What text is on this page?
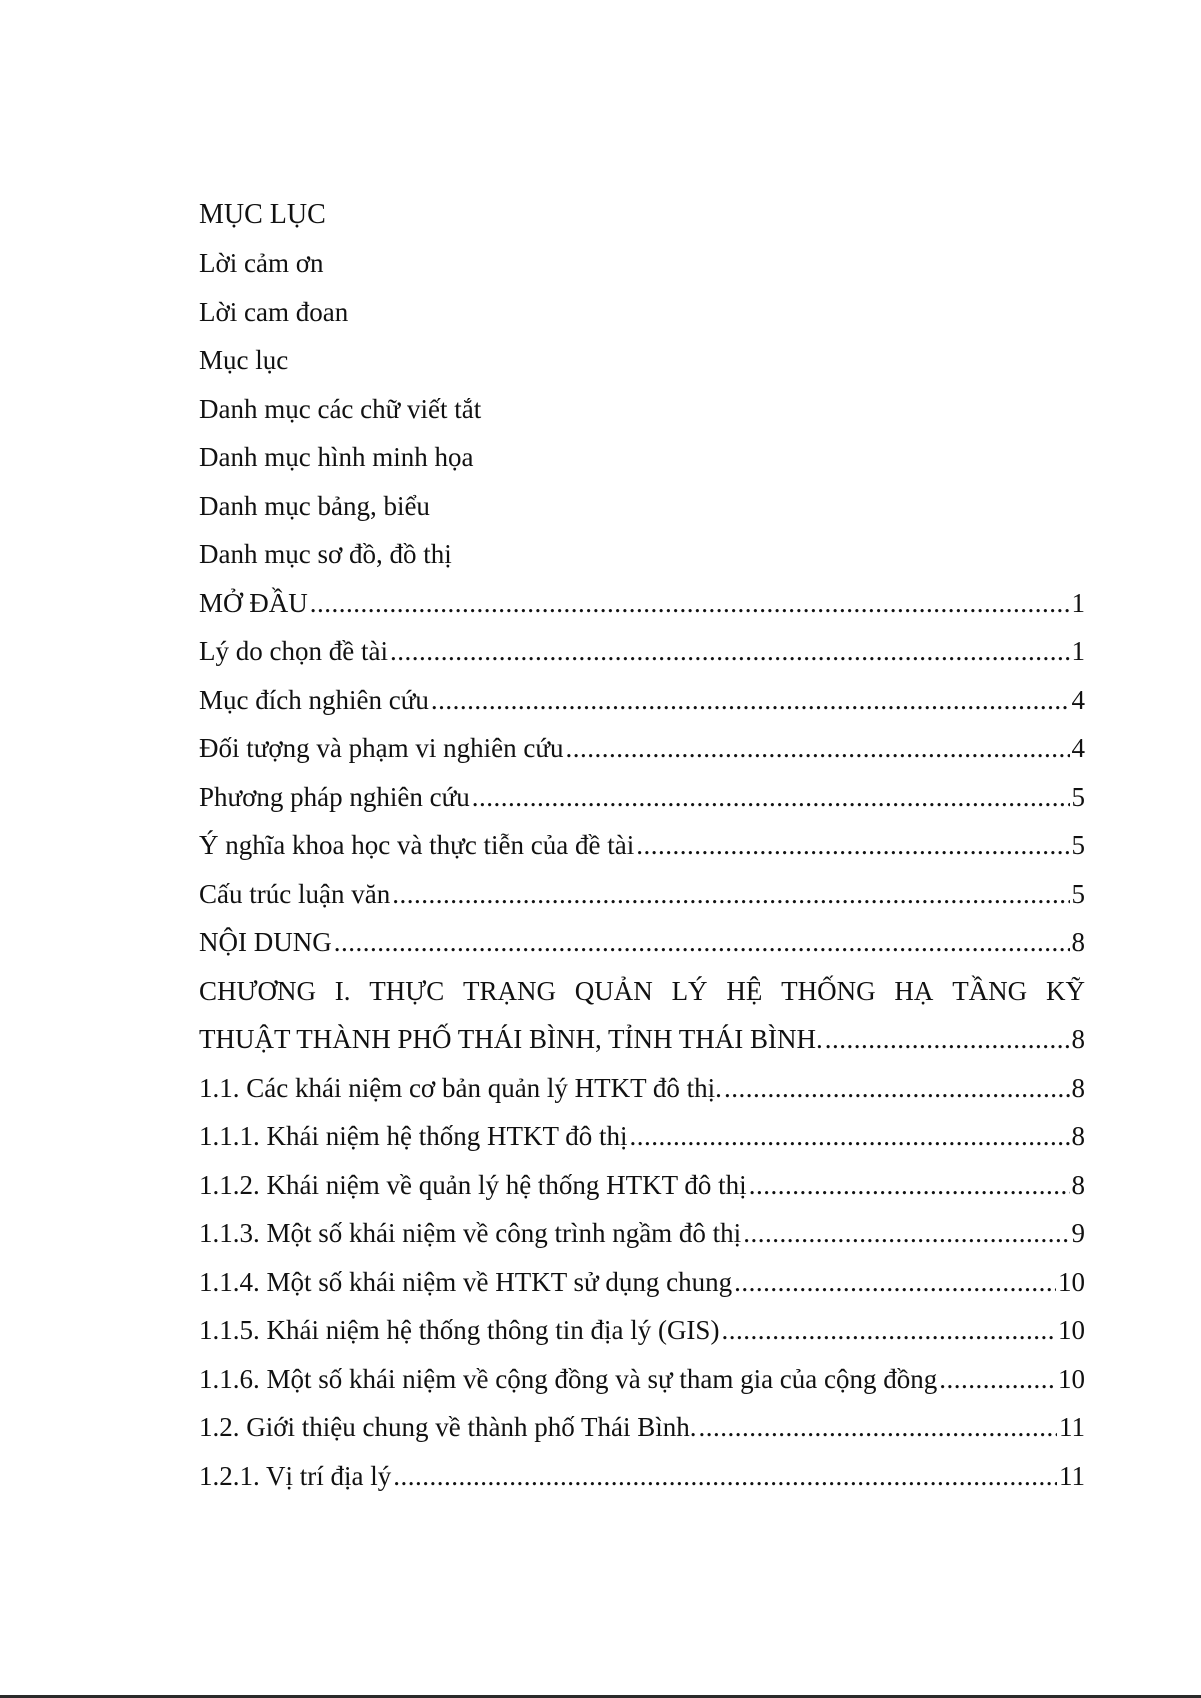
MỤC LỤC
Lời cảm ơn
Lời cam đoan
Mục lục
Danh mục các chữ viết tắt
Danh mục hình minh họa
Danh mục bảng, biểu
Danh mục sơ đồ, đồ thị
MỞ ĐẦU .....	1
Lý do chọn đề tài .....	1
Mục đích nghiên cứu .....	4
Đối tượng và phạm vi nghiên cứu .....	4
Phương pháp nghiên cứu .....	5
Ý nghĩa khoa học và thực tiễn của đề tài .....	5
Cấu trúc luận văn .....	5
NỘI DUNG .....	8
CHƯƠNG I. THỰC TRẠNG QUẢN LÝ HỆ THỐNG HẠ TẦNG KỸ
THUẬT THÀNH PHỐ THÁI BÌNH, TỈNH THÁI BÌNH. .....	8
1.1. Các khái niệm cơ bản quản lý HTKT đô thị. .....	8
1.1.1. Khái niệm hệ thống HTKT đô thị .....	8
1.1.2. Khái niệm về quản lý hệ thống HTKT đô thị .....	8
1.1.3. Một số khái niệm về công trình ngầm đô thị .....	9
1.1.4. Một số khái niệm về HTKT sử dụng chung .....	10
1.1.5. Khái niệm hệ thống thông tin địa lý (GIS) .....	10
1.1.6. Một số khái niệm về cộng đồng và sự tham gia của cộng đồng .....	10
1.2. Giới thiệu chung về thành phố Thái Bình. .....	11
1.2.1. Vị trí địa lý .....	11
